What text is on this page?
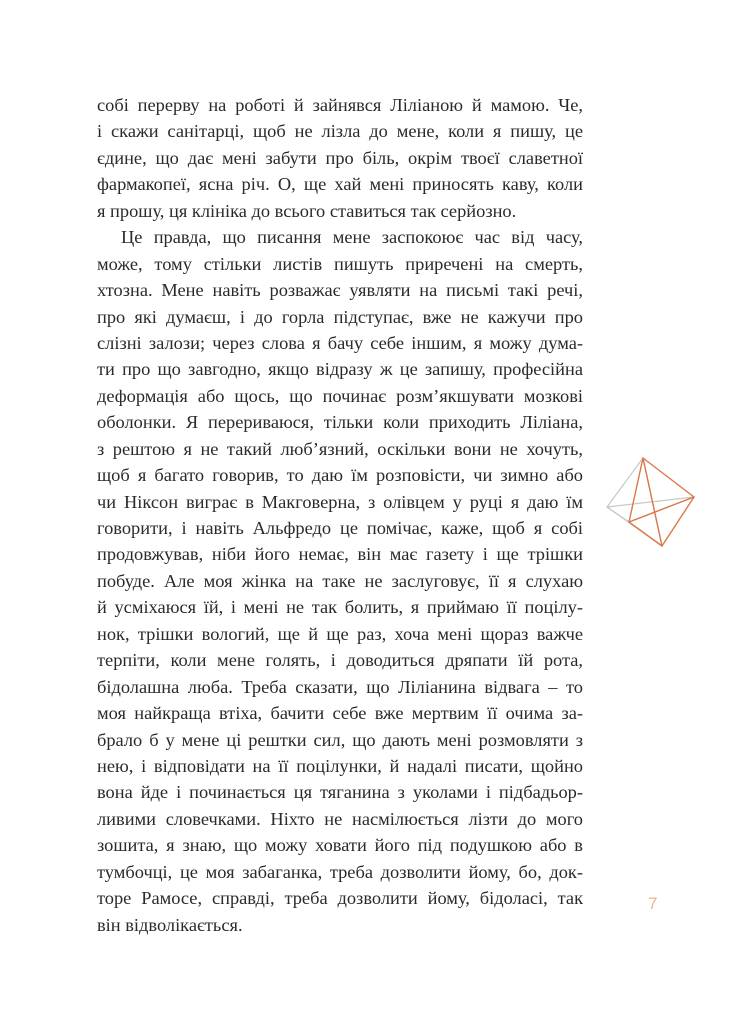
собі перерву на роботі й зайнявся Ліліаною й мамою. Че,
і скажи санітарці, щоб не лізла до мене, коли я пишу, це
єдине, що дає мені забути про біль, окрім твоєї славетної
фармакопеї, ясна річ. О, ще хай мені приносять каву, коли
я прошу, ця клініка до всього ставиться так серйозно.
Це правда, що писання мене заспокоює час від часу,
може, тому стільки листів пишуть приречені на смерть,
хтозна. Мене навіть розважає уявляти на письмі такі речі,
про які думаєш, і до горла підступає, вже не кажучи про
слізні залози; через слова я бачу себе іншим, я можу дума-
ти про що завгодно, якщо відразу ж це запишу, професійна
деформація або щось, що починає розм’якшувати мозкові
оболонки. Я перериваюся, тільки коли приходить Ліліана,
з рештою я не такий люб’язний, оскільки вони не хочуть,
щоб я багато говорив, то даю їм розповісти, чи зимно або
чи Ніксон виграє в Макговерна, з олівцем у руці я даю їм
говорити, і навіть Альфредо це помічає, каже, щоб я собі
продовжував, ніби його немає, він має газету і ще трішки
побуде. Але моя жінка на таке не заслуговує, її я слухаю
й усміхаюся їй, і мені не так болить, я приймаю її поцілу-
нок, трішки вологий, ще й ще раз, хоча мені щораз важче
терпіти, коли мене голять, і доводиться дряпати їй рота,
бідолашна люба. Треба сказати, що Ліліанина відвага – то
моя найкраща втіха, бачити себе вже мертвим її очима за-
брало б у мене ці рештки сил, що дають мені розмовляти з
нею, і відповідати на її поцілунки, й надалі писати, щойно
вона йде і починається ця тяганина з уколами і підбадьор-
ливими словечками. Ніхто не насмілюється лізти до мого
зошита, я знаю, що можу ховати його під подушкою або в
тумбочці, це моя забаганка, треба дозволити йому, бо, док-
торе Рамосе, справді, треба дозволити йому, бідоласі, так
він відволікається.
7
